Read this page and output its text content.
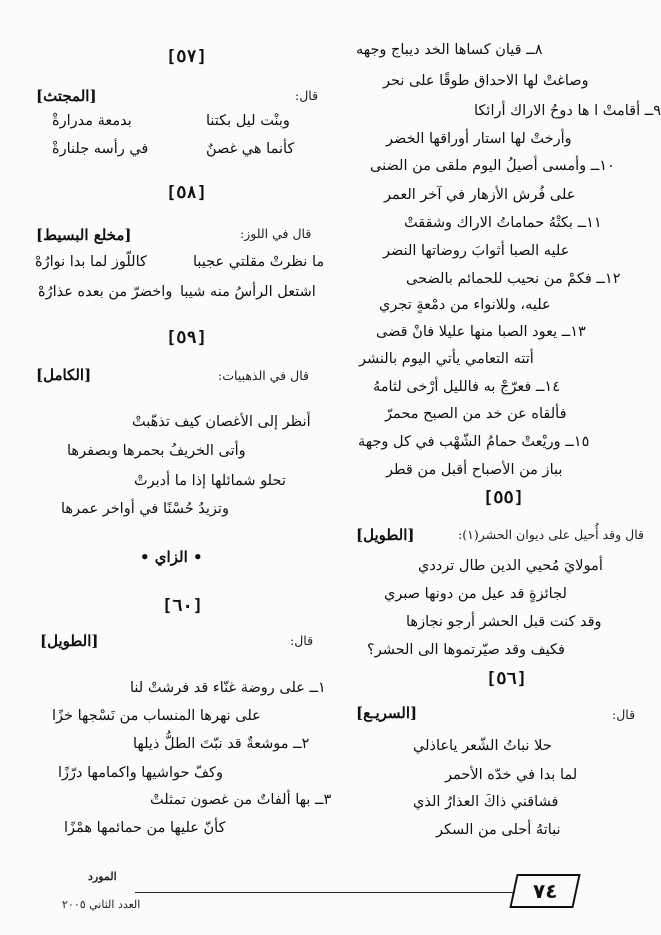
٨ــ قيان كساها الخد ديباج وجهه
وصاغتْ لها الاحداق طوقًا على نحر
٩ــ أقامتْ ا ها دوحُ الاراك أرائكا
وأرختْ لها استار أوراقها الخضر
١٠ــ وأمسى أصيلُ اليوم ملقى من الضنى
على فُرش الأزهار في آخر العمر
١١ــ بكتْهُ حماماتُ الاراك وشققتْ
عليه الصبا أثوابَ روضاتها النضر
١٢ــ فكمْ من نحيب للحمائم بالضحى
عليه، وللانواء من دمْعةٍ تجري
١٣ــ يعود الصبا منها عليلا فانْ قضى
أتته التعامي يأتي اليوم بالنشر
١٤ــ فعرّجْ به فالليل أرْخى لثامهُ
فألقاه عن خد من الصبح محمرّ
١٥ــ وريْعتْ حمامُ الشّهْب في كل وجهة
بباز من الأصباح أقبل من قطر
[٥٥]
قال وقد أُحيل على ديوان الحشر(١):
[الطويل]
أمولايَ مُحيي الدين طال ترددي
لجائزةٍ قد عيل من دونها صبري
وقد كنت قبل الحشر أرجو نجازها
فكيف وقد صيّرتموها الى الحشر؟
[٥٦]
قال:
[السريـع]
حلا نباتُ الشّعر ياعاذلي
لما بدا في خدّه الأحمر
فشاقني ذاكَ العذارُ الذي
نباتهُ أحلى من السكر
[٥٧]
قال:
[المجتث]
وبنْت ليل بكتنا
بدمعة مدرارةْ
كأنما هي غصنٌ
في رأسه جلنارةْ
[٥٨]
قال في اللوز:
[مخلع البسيط]
ما نظرتْ مقلتي عجيبا
كاللّوز لما بدا نوارُهْ
اشتعل الرأسُ منه شيبا
واخضرّ من بعده عذارُهْ
[٥٩]
قال في الذهبيات:
[الكامل]
أنظر إلى الأغصان كيف تذهّبتْ
وأتى الخريفُ بحمرها وبصفرها
تحلو شمائلها إذا ما أدبرتْ
وتزيدُ حُسْنًا في أواخر عمرها
• الزاي •
[٦٠]
قال:
[الطويل]
١ــ على روضة غنّاء قد فرشتْ لنا
على نهرها المنساب من نَسْجها خزًا
٢ــ موشعةٌ قد نبّتَ الطلُّ ذيلها
وكفّ حواشيها واكمامها درّزًا
٣ــ بها ألفاتٌ من غصون تمثلتْ
كأنّ عليها من حمائمها همْزًا
٧٤
المورد
العدد الثاني ٢٠٠٥
